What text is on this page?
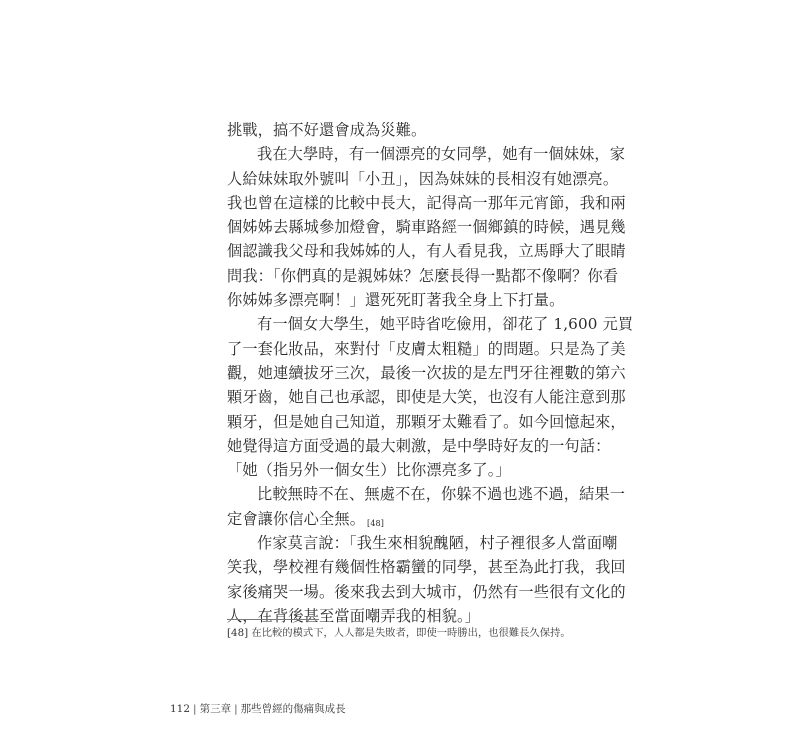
挑戰，搞不好還會成為災難。
我在大學時，有一個漂亮的女同學，她有一個妹妹，家
人給妹妹取外號叫「小丑」，因為妹妹的長相沒有她漂亮。
我也曾在這樣的比較中長大，記得高一那年元宵節，我和兩
個姊姊去縣城參加燈會，騎車路經一個鄉鎮的時候，遇見幾
個認識我父母和我姊姊的人，有人看見我，立馬睜大了眼睛
問我：「你們真的是親姊妹？怎麼長得一點都不像啊？你看
你姊姊多漂亮啊！」還死死盯著我全身上下打量。
有一個女大學生，她平時省吃儉用，卻花了 1,600 元買
了一套化妝品，來對付「皮膚太粗糙」的問題。只是為了美
觀，她連續拔牙三次，最後一次拔的是左門牙往裡數的第六
顆牙齒，她自己也承認，即使是大笑，也沒有人能注意到那
顆牙，但是她自己知道，那顆牙太難看了。如今回憶起來，
她覺得這方面受過的最大刺激，是中學時好友的一句話：
「她（指另外一個女生）比你漂亮多了。」
比較無時不在、無處不在，你躲不過也逃不過，結果一
定會讓你信心全無。 [48]
作家莫言說：「我生來相貌醜陋，村子裡很多人當面嘲
笑我，學校裡有幾個性格霸蠻的同學，甚至為此打我，我回
家後痛哭一場。後來我去到大城市，仍然有一些很有文化的
人，在背後甚至當面嘲弄我的相貌。」
[48] 在比較的模式下，人人都是失敗者，即使一時勝出，也很難長久保持。
112 | 第三章 | 那些曾經的傷痛與成長
